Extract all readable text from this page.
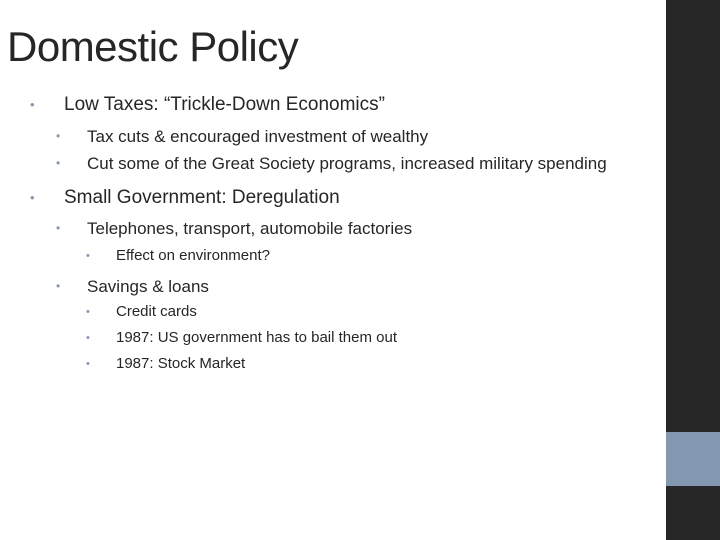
Domestic Policy
• Low Taxes: “Trickle-Down Economics”
• Tax cuts & encouraged investment of wealthy
• Cut some of the Great Society programs, increased military spending
• Small Government: Deregulation
• Telephones, transport, automobile factories
• Effect on environment?
• Savings & loans
• Credit cards
• 1987: US government has to bail them out
• 1987: Stock Market
